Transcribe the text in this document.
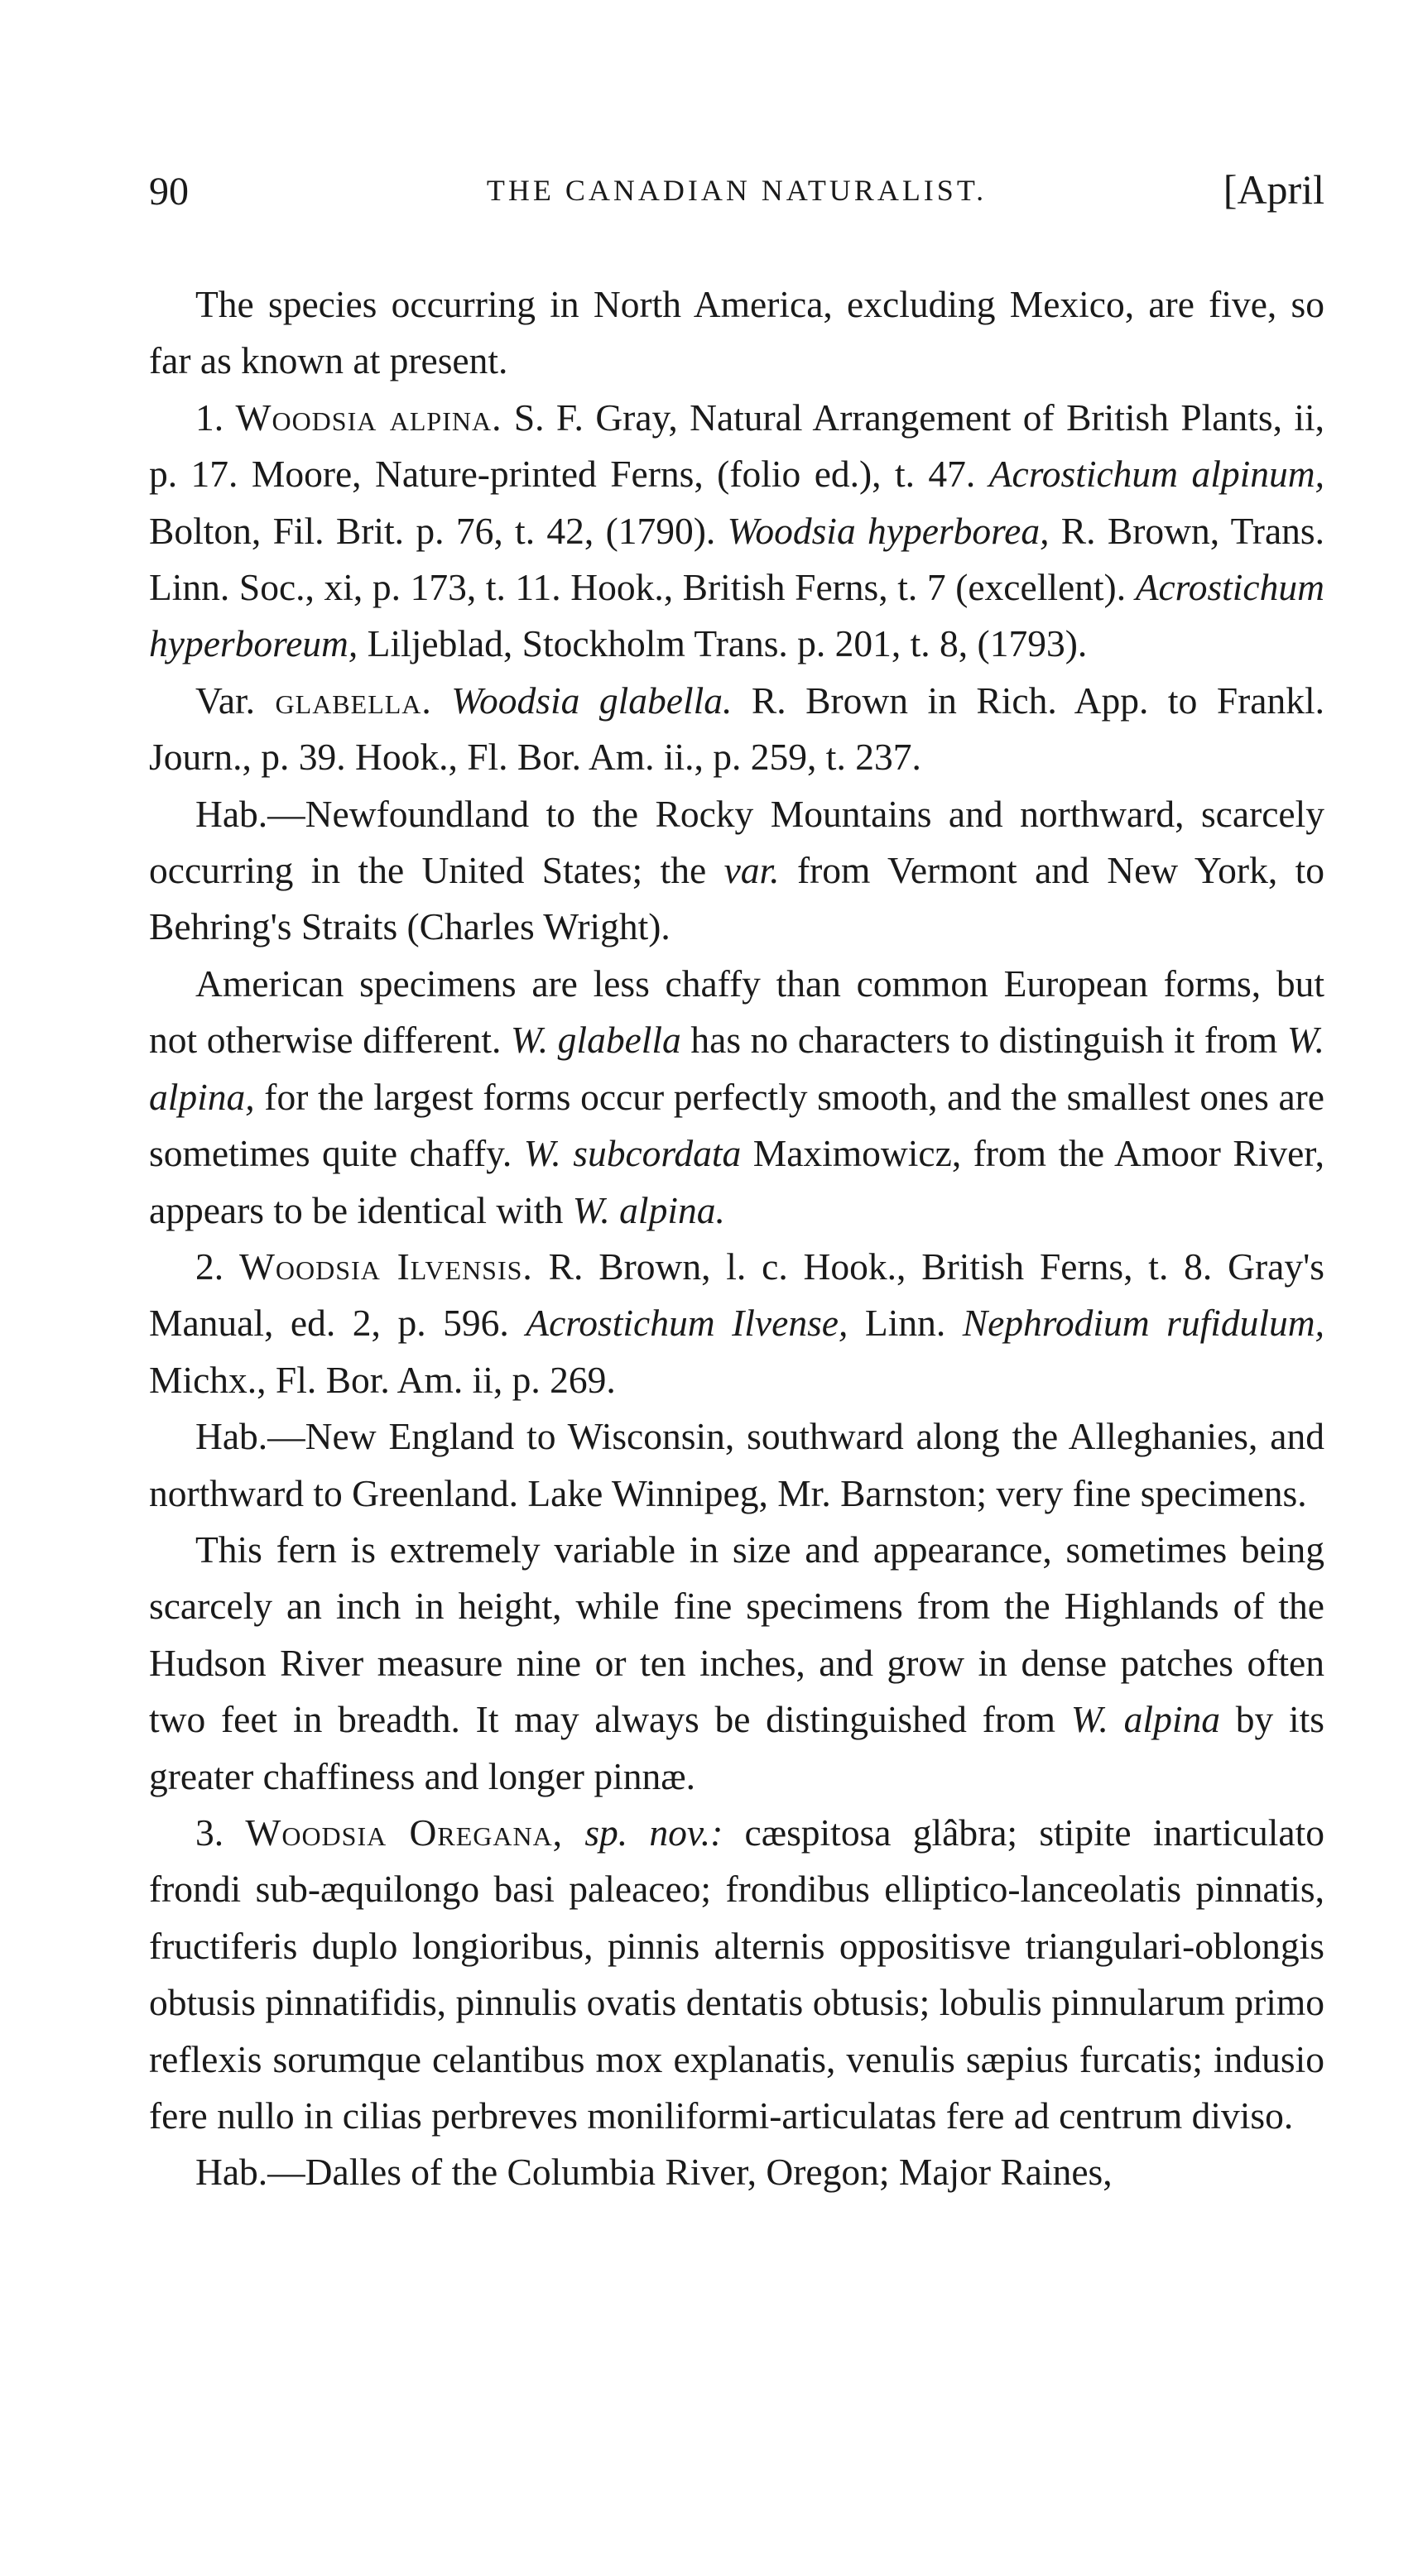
90	THE CANADIAN NATURALIST.	[April

The species occurring in North America, excluding Mexico, are five, so far as known at present.

1. Woodsia alpina. S. F. Gray, Natural Arrangement of British Plants, ii, p. 17. Moore, Nature-printed Ferns, (folio ed.), t. 47. Acrostichum alpinum, Bolton, Fil. Brit. p. 76, t. 42, (1790). Woodsia hyperborea, R. Brown, Trans. Linn. Soc., xi, p. 173, t. 11. Hook., British Ferns, t. 7 (excellent). Acrostichum hyperboreum, Liljeblad, Stockholm Trans. p. 201, t. 8, (1793).

Var. glabella. Woodsia glabella. R. Brown in Rich. App. to Frankl. Journ., p. 39. Hook., Fl. Bor. Am. ii., p. 259, t. 237.

Hab.—Newfoundland to the Rocky Mountains and northward, scarcely occurring in the United States; the var. from Vermont and New York, to Behring's Straits (Charles Wright).

American specimens are less chaffy than common European forms, but not otherwise different. W. glabella has no characters to distinguish it from W. alpina, for the largest forms occur perfectly smooth, and the smallest ones are sometimes quite chaffy. W. subcordata Maximowicz, from the Amoor River, appears to be identical with W. alpina.

2. Woodsia Ilvensis. R. Brown, l. c. Hook., British Ferns, t. 8. Gray's Manual, ed. 2, p. 596. Acrostichum Ilvense, Linn. Nephrodium rufidulum, Michx., Fl. Bor. Am. ii, p. 269.

Hab.—New England to Wisconsin, southward along the Alleghanies, and northward to Greenland. Lake Winnipeg, Mr. Barnston; very fine specimens.

This fern is extremely variable in size and appearance, sometimes being scarcely an inch in height, while fine specimens from the Highlands of the Hudson River measure nine or ten inches, and grow in dense patches often two feet in breadth. It may always be distinguished from W. alpina by its greater chaffiness and longer pinnæ.

3. Woodsia Oregana, sp. nov.: cæspitosa glâbra; stipite inarticulato frondi sub-æquilongo basi paleaceo; frondibus elliptico-lanceolatis pinnatis, fructiferis duplo longioribus, pinnis alternis oppositisve triangulari-oblongis obtusis pinnatifidis, pinnulis ovatis dentatis obtusis; lobulis pinnularum primo reflexis sorumque celantibus mox explanatis, venulis sæpius furcatis; indusio fere nullo in cilias perbreves moniliformi-articulatas fere ad centrum diviso.

Hab.—Dalles of the Columbia River, Oregon; Major Raines,
